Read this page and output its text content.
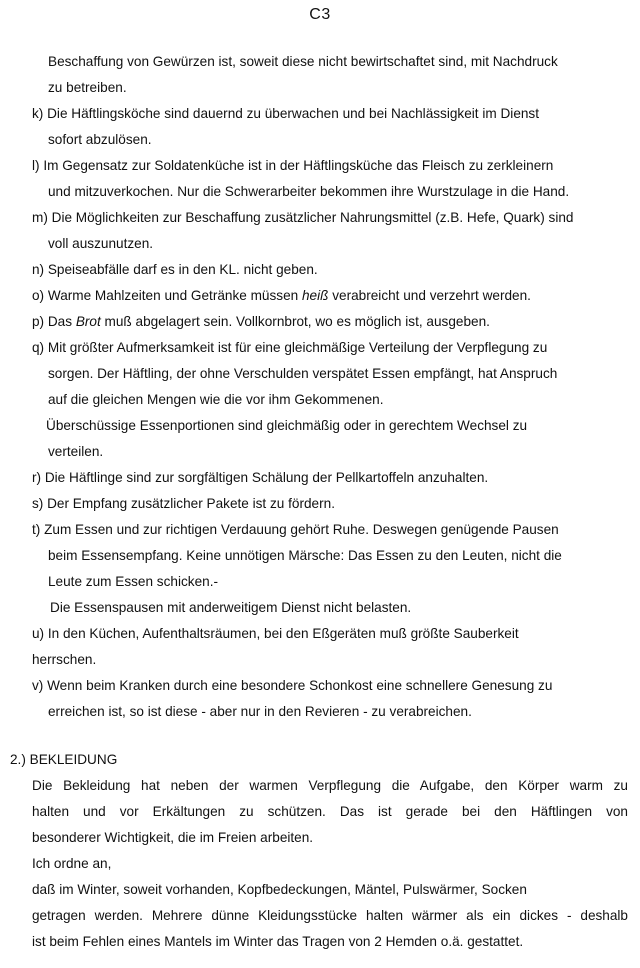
C3
Beschaffung von Gewürzen ist, soweit diese nicht bewirtschaftet sind, mit Nachdruck
zu betreiben.
k) Die Häftlingsköche sind dauernd zu überwachen und bei Nachlässigkeit im Dienst
sofort abzulösen.
l) Im Gegensatz zur Soldatenküche ist in der Häftlingsküche das Fleisch zu zerkleinern
und mitzuverkochen. Nur die Schwerarbeiter bekommen ihre Wurstzulage in die Hand.
m) Die Möglichkeiten zur Beschaffung zusätzlicher Nahrungsmittel (z.B. Hefe, Quark) sind
voll auszunutzen.
n) Speiseabfälle darf es in den KL. nicht geben.
o) Warme Mahlzeiten und Getränke müssen heiß verabreicht und verzehrt werden.
p) Das Brot muß abgelagert sein. Vollkornbrot, wo es möglich ist, ausgeben.
q) Mit größter Aufmerksamkeit ist für eine gleichmäßige Verteilung der Verpflegung zu
sorgen. Der Häftling, der ohne Verschulden verspätet Essen empfängt, hat Anspruch
auf die gleichen Mengen wie die vor ihm Gekommenen.
Überschüssige Essenportionen sind gleichmäßig oder in gerechtem Wechsel zu
verteilen.
r) Die Häftlinge sind zur sorgfältigen Schälung der Pellkartoffeln anzuhalten.
s) Der Empfang zusätzlicher Pakete ist zu fördern.
t) Zum Essen und zur richtigen Verdauung gehört Ruhe. Deswegen genügende Pausen
beim Essensempfang. Keine unnötigen Märsche: Das Essen zu den Leuten, nicht die
Leute zum Essen schicken.-
Die Essenspausen mit anderweitigem Dienst nicht belasten.
u) In den Küchen, Aufenthaltsräumen, bei den Eßgeräten muß größte Sauberkeit
herrschen.
v) Wenn beim Kranken durch eine besondere Schonkost eine schnellere Genesung zu
erreichen ist, so ist diese - aber nur in den Revieren - zu verabreichen.
2.) BEKLEIDUNG
Die Bekleidung hat neben der warmen Verpflegung die Aufgabe, den Körper warm zu
halten und vor Erkältungen zu schützen. Das ist gerade bei den Häftlingen von
besonderer Wichtigkeit, die im Freien arbeiten.
Ich ordne an,
daß im Winter, soweit vorhanden, Kopfbedeckungen, Mäntel, Pulswärmer, Socken
getragen werden. Mehrere dünne Kleidungsstücke halten wärmer als ein dickes - deshalb
ist beim Fehlen eines Mantels im Winter das Tragen von 2 Hemden o.ä. gestattet.
